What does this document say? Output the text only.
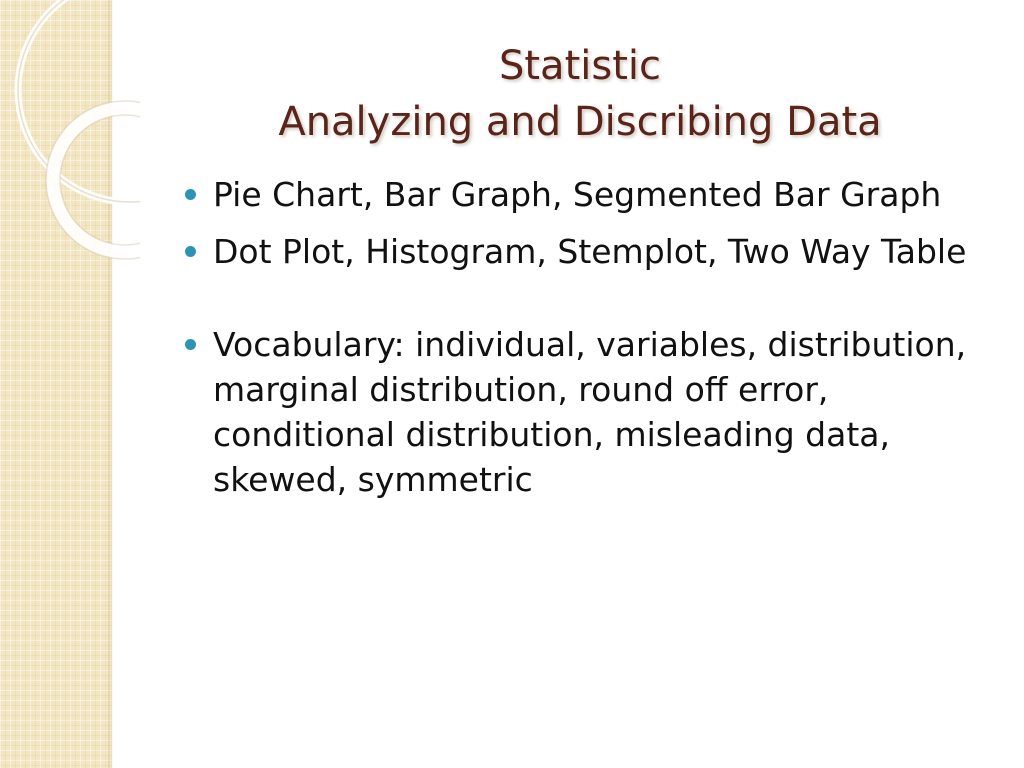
Statistic
Analyzing and Discribing Data
Pie Chart, Bar Graph, Segmented Bar Graph
Dot Plot, Histogram, Stemplot, Two Way Table
Vocabulary: individual, variables, distribution, marginal distribution, round off error, conditional distribution, misleading data, skewed, symmetric
